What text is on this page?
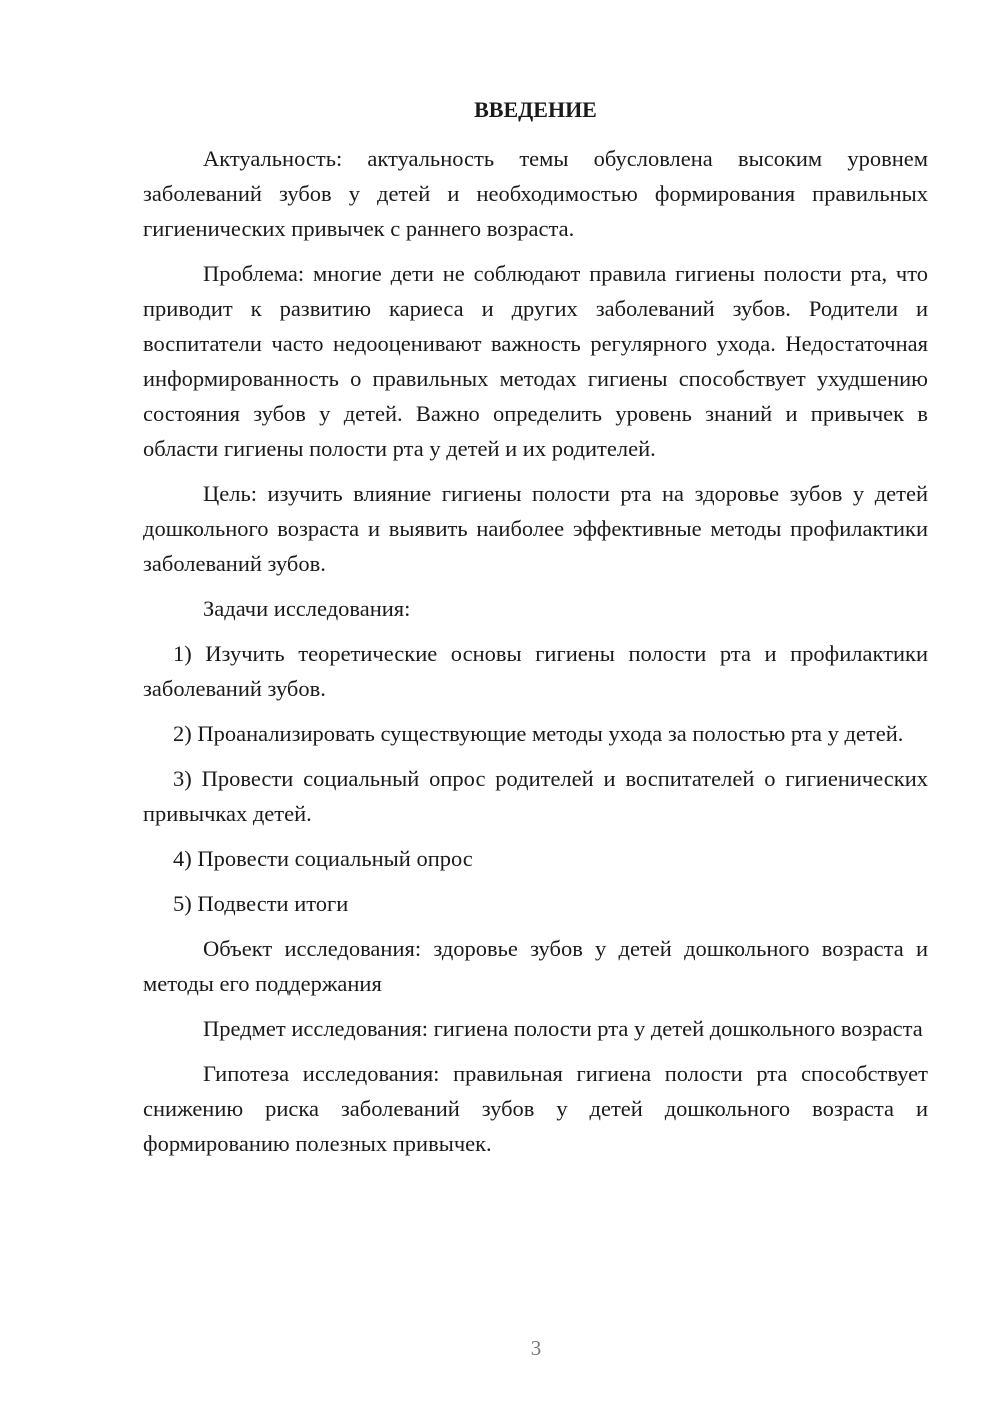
ВВЕДЕНИЕ

Актуальность: актуальность темы обусловлена высоким уровнем заболеваний зубов у детей и необходимостью формирования правильных гигиенических привычек с раннего возраста.

Проблема: многие дети не соблюдают правила гигиены полости рта, что приводит к развитию кариеса и других заболеваний зубов. Родители и воспитатели часто недооценивают важность регулярного ухода. Недостаточная информированность о правильных методах гигиены способствует ухудшению состояния зубов у детей. Важно определить уровень знаний и привычек в области гигиены полости рта у детей и их родителей.

Цель: изучить влияние гигиены полости рта на здоровье зубов у детей дошкольного возраста и выявить наиболее эффективные методы профилактики заболеваний зубов.

Задачи исследования:

1) Изучить теоретические основы гигиены полости рта и профилактики заболеваний зубов.
2) Проанализировать существующие методы ухода за полостью рта у детей.
3) Провести социальный опрос родителей и воспитателей о гигиенических привычках детей.
4) Провести социальный опрос
5) Подвести итоги

Объект исследования: здоровье зубов у детей дошкольного возраста и методы его поддержания

Предмет исследования: гигиена полости рта у детей дошкольного возраста

Гипотеза исследования: правильная гигиена полости рта способствует снижению риска заболеваний зубов у детей дошкольного возраста и формированию полезных привычек.

3
